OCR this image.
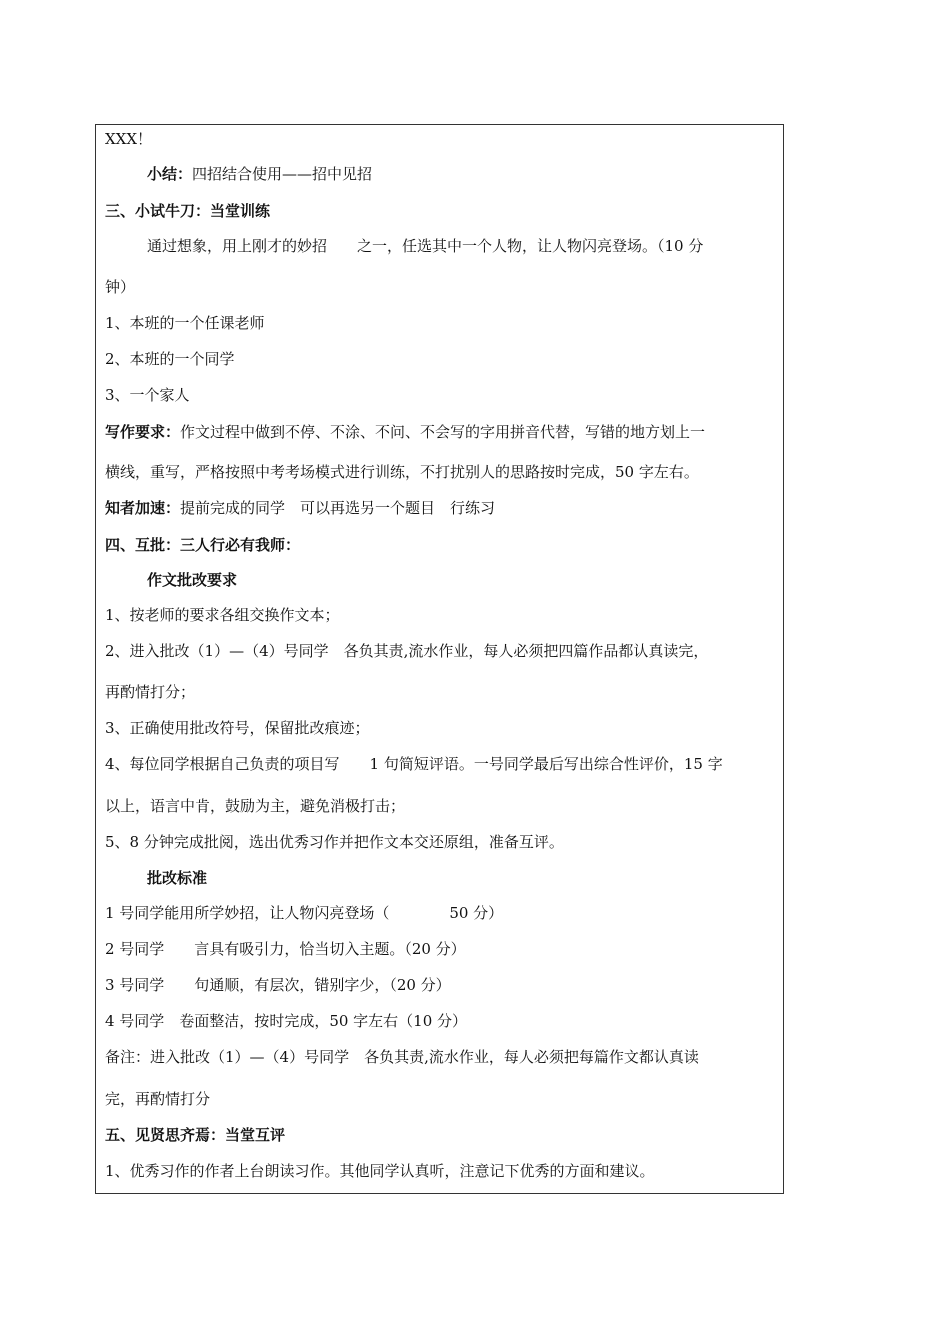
XXX！
小结：四招结合使用——招中见招
三、小试牛刀：当堂训练
通过想象，用上刚才的妙招　　之一，任选其中一个人物，让人物闪亮登场。（10 分
钟）
1、本班的一个任课老师
2、本班的一个同学
3、一个家人
写作要求：作文过程中做到不停、不涂、不问、不会写的字用拼音代替，写错的地方划上一
横线，重写，严格按照中考考场模式进行训练，不打扰别人的思路按时完成，50 字左右。
知者加速：提前完成的同学　可以再选另一个题目　行练习
四、互批：三人行必有我师：
作文批改要求
1、按老师的要求各组交换作文本；
2、进入批改（1）—（4）号同学　各负其责,流水作业，每人必须把四篇作品都认真读完，
再酌情打分；
3、正确使用批改符号，保留批改痕迹；
4、每位同学根据自己负责的项目写　　1 句简短评语。一号同学最后写出综合性评价，15 字
以上，语言中肯，鼓励为主，避免消极打击；
5、8 分钟完成批阅，选出优秀习作并把作文本交还原组，准备互评。
批改标准
1 号同学能用所学妙招，让人物闪亮登场（　　　　50 分）
2 号同学　　言具有吸引力，恰当切入主题。（20 分）
3 号同学　　句通顺，有层次，错别字少，（20 分）
4 号同学　卷面整洁，按时完成，50 字左右（10 分）
备注：进入批改（1）—（4）号同学　各负其责,流水作业，每人必须把每篇作文都认真读
完，再酌情打分
五、见贤思齐焉：当堂互评
1、优秀习作的作者上台朗读习作。其他同学认真听，注意记下优秀的方面和建议。
